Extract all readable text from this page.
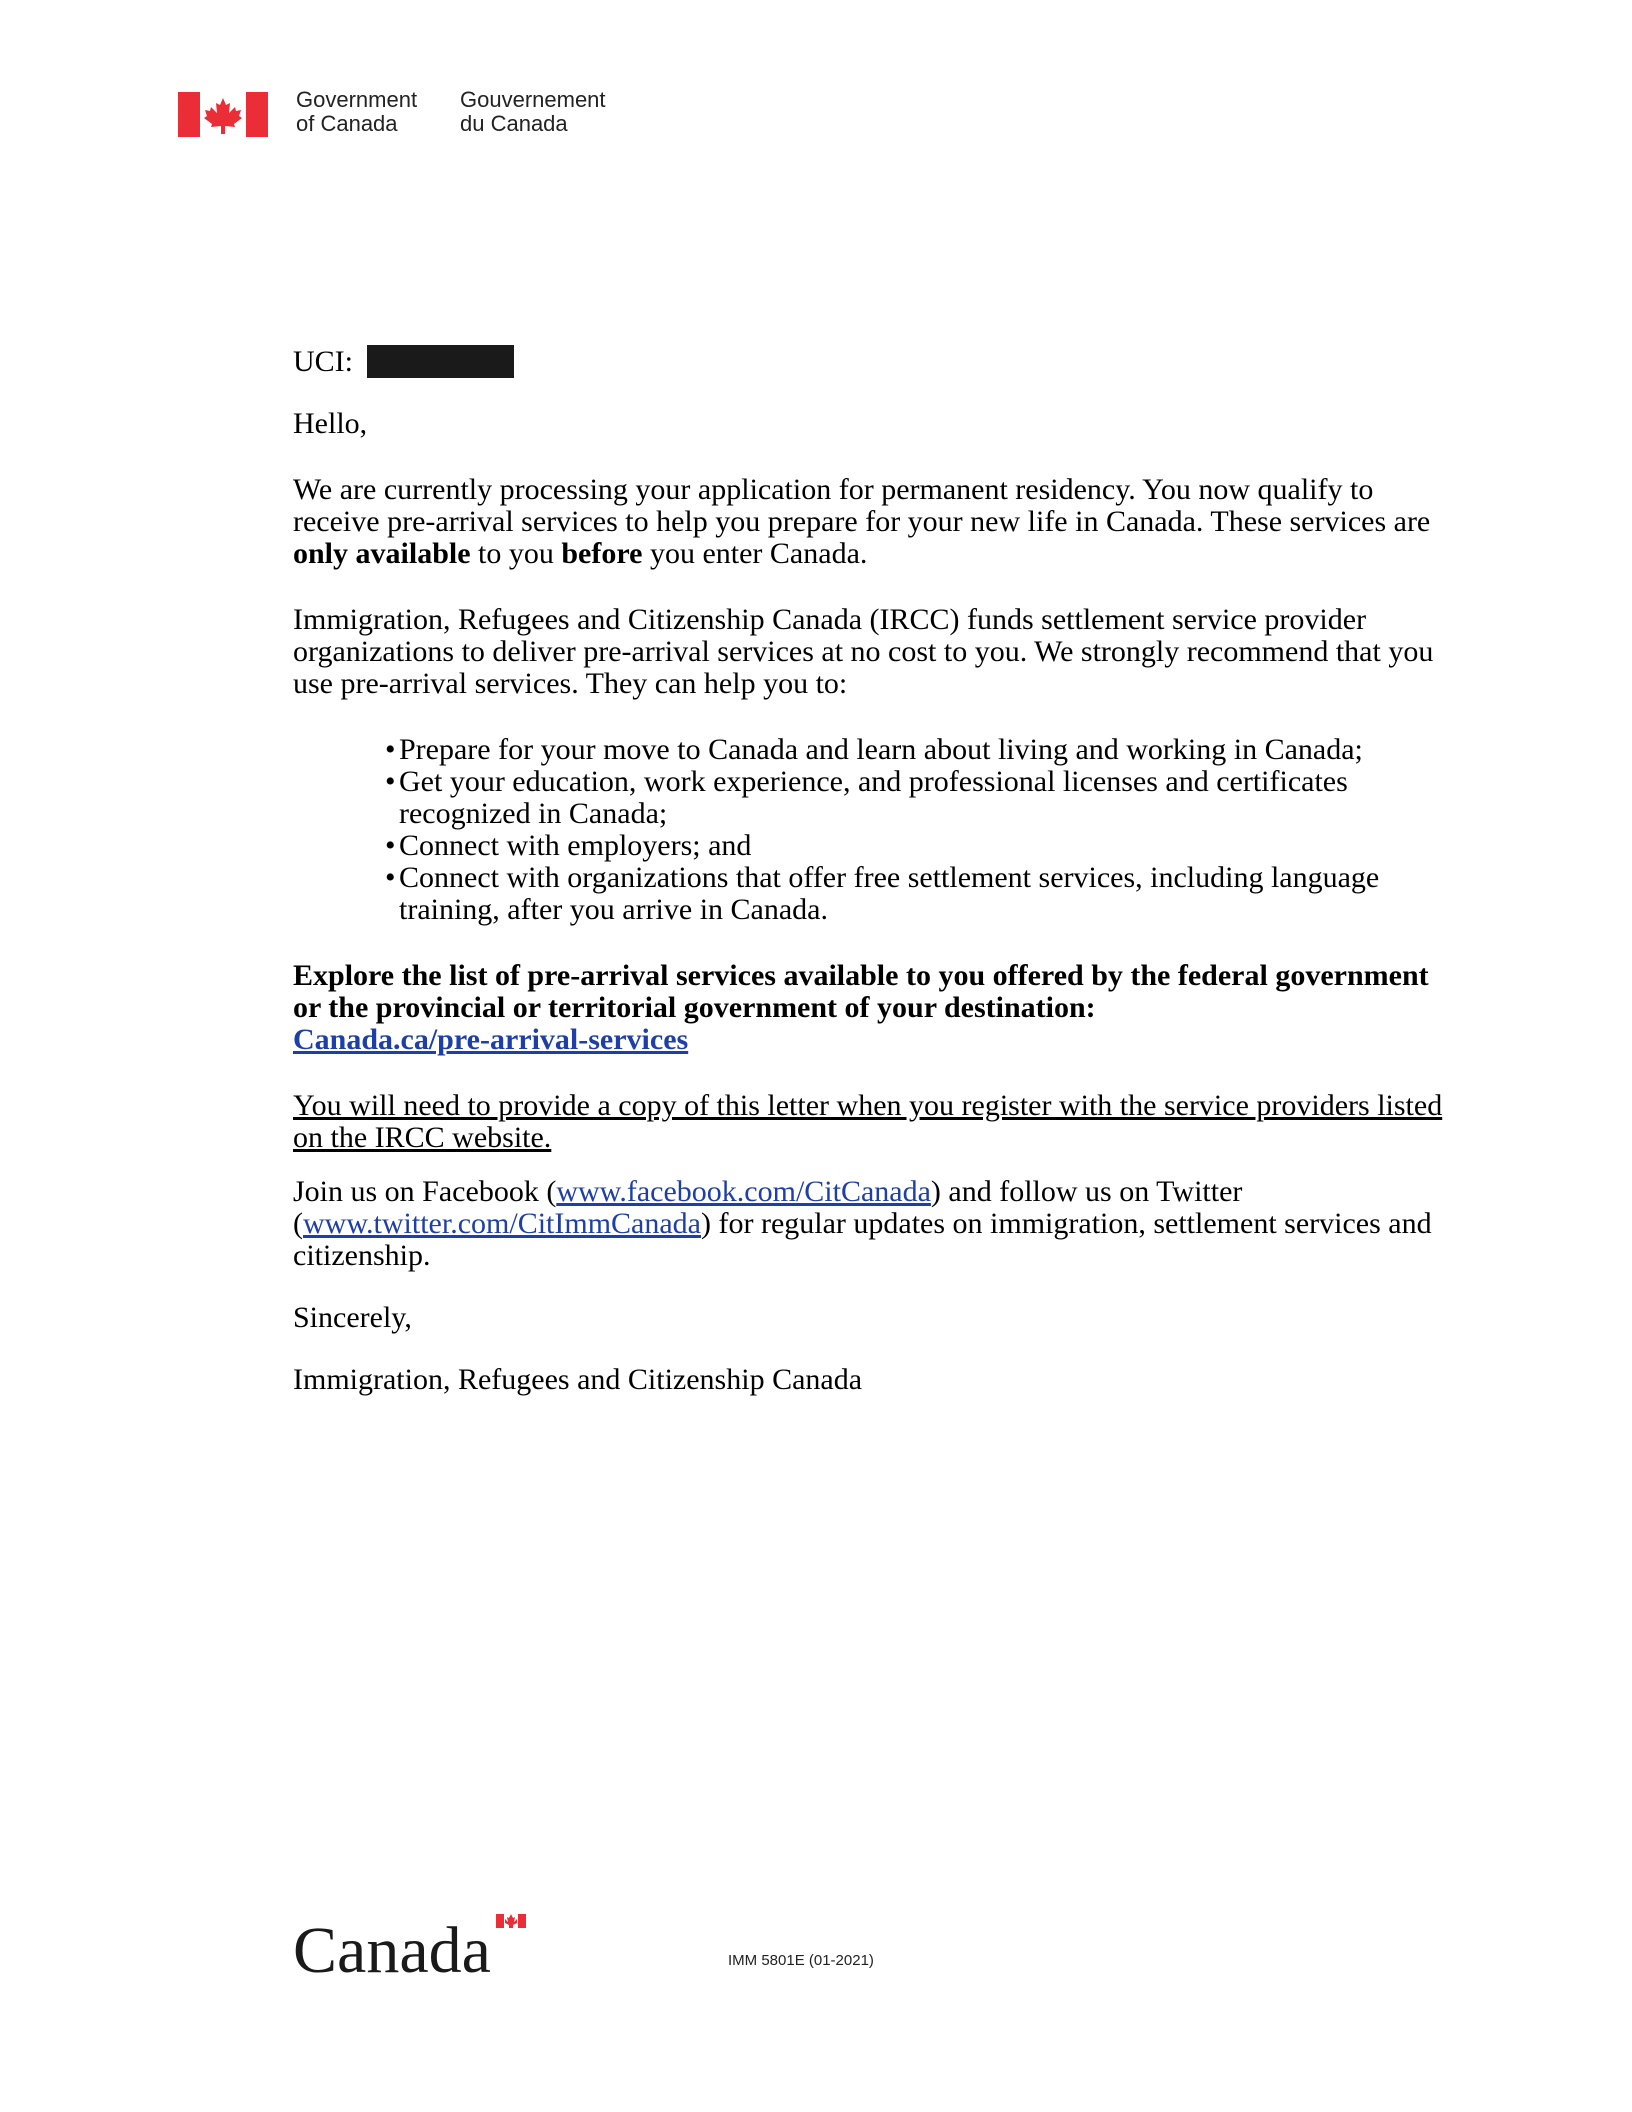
Government
of Canada
Gouvernement
du Canada

UCI:

Hello,

We are currently processing your application for permanent residency. You now qualify to receive pre-arrival services to help you prepare for your new life in Canada. These services are only available to you before you enter Canada.

Immigration, Refugees and Citizenship Canada (IRCC) funds settlement service provider organizations to deliver pre-arrival services at no cost to you. We strongly recommend that you use pre-arrival services. They can help you to:

• Prepare for your move to Canada and learn about living and working in Canada;
• Get your education, work experience, and professional licenses and certificates recognized in Canada;
• Connect with employers; and
• Connect with organizations that offer free settlement services, including language training, after you arrive in Canada.

Explore the list of pre-arrival services available to you offered by the federal government or the provincial or territorial government of your destination:
Canada.ca/pre-arrival-services

You will need to provide a copy of this letter when you register with the service providers listed on the IRCC website.

Join us on Facebook (www.facebook.com/CitCanada) and follow us on Twitter (www.twitter.com/CitImmCanada) for regular updates on immigration, settlement services and citizenship.

Sincerely,

Immigration, Refugees and Citizenship Canada

Canada	IMM 5801E (01-2021)
